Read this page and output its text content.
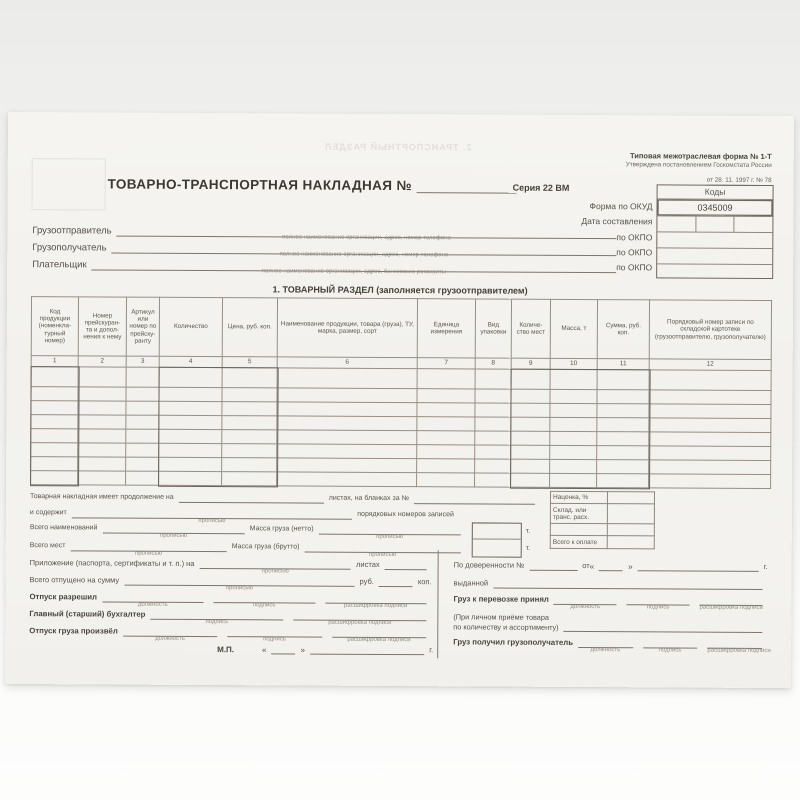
2. ТРАНСПОРТНЫЙ РАЗДЕЛ
Типовая межотраслевая форма № 1-Т
Утверждена постановлением Госкомстата России
от 28. 11. 1997 г. № 78
ТОВАРНО-ТРАНСПОРТНАЯ НАКЛАДНАЯ №	Серия 22 ВМ	Коды
0345009
Форма по ОКУД
Дата составления
по ОКПО
по ОКПО
по ОКПО
Грузоотправитель
полное наименование организации, адрес, номер телефона
Грузополучатель
полное наименование организации, адрес, номер телефона
Плательщик
полное наименование организации, адрес, банковские реквизиты
1. ТОВАРНЫЙ РАЗДЕЛ (заполняется грузоотправителем)
Код продукции (номенкла- турный номер)	Номер прейскуран- та и допол- нения к нему	Артикул или номер по прейску- ранту	Количество	Цена, руб. коп.	Наименование продукции, товара (груза), ТУ, марка, размер, сорт	Единица измерения	Вид упаковки	Количе- ство мест	Масса, т	Сумма, руб. коп.	Порядковый номер записи по складской картотеке (грузоотправителю, грузополучателю)
1	2	3	4	5	6	7	8	9	10	11	12

Наценка, %	
Склад. или транс. расх.	

Всего к оплате	
Товарная накладная имеет продолжение на	листах, на бланках за №
и содержит
прописью
порядковых номеров записей
Всего наименований
прописью
Масса груза (нетто)
прописью
Всего мест
прописью
Масса груза (брутто)
прописью
т.
т.
Приложение (паспорта, сертификаты и т. п.) на
прописью
листах
Всего отпущено на сумму
прописью
руб.	коп.
Отпуск разрешил
должность	подпись	расшифровка подписи
Главный (старший) бухгалтер
подпись	расшифровка подписи
Отпуск груза произвёл
должность	подпись	расшифровка подписи
М.П.	«	»	г.
По доверенности №	от «	»	г.
выданной
Груз к перевозке принял
должность	подпись	расшифровка подписи
(При личном приёме товара
по количеству и ассортименту)
Груз получил грузополучатель
должность	подпись	расшифровка подписи
